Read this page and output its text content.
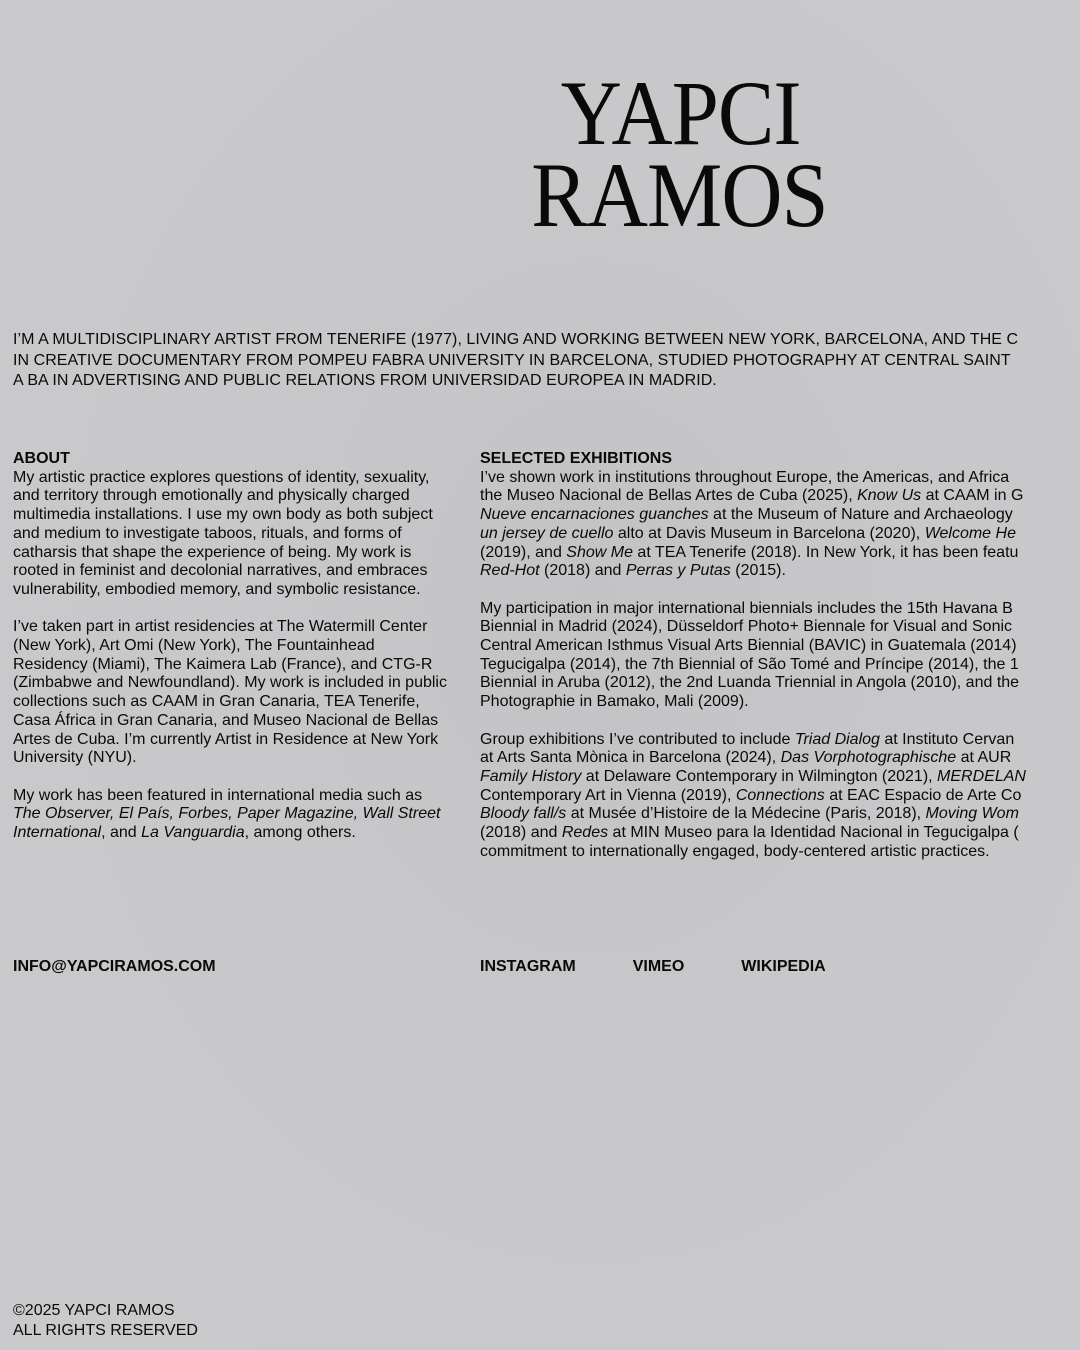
YAPCI
RAMOS
I’M A MULTIDISCIPLINARY ARTIST FROM TENERIFE (1977), LIVING AND WORKING BETWEEN NEW YORK, BARCELONA, AND THE C
IN CREATIVE DOCUMENTARY FROM POMPEU FABRA UNIVERSITY IN BARCELONA, STUDIED PHOTOGRAPHY AT CENTRAL SAINT
A BA IN ADVERTISING AND PUBLIC RELATIONS FROM UNIVERSIDAD EUROPEA IN MADRID.
ABOUT

My artistic practice explores questions of identity, sexuality, and territory through emotionally and physically charged multimedia installations. I use my own body as both subject and medium to investigate taboos, rituals, and forms of catharsis that shape the experience of being. My work is rooted in feminist and decolonial narratives, and embraces vulnerability, embodied memory, and symbolic resistance.

I’ve taken part in artist residencies at The Watermill Center (New York), Art Omi (New York), The Fountainhead Residency (Miami), The Kaimera Lab (France), and CTG-R (Zimbabwe and Newfoundland). My work is included in public collections such as CAAM in Gran Canaria, TEA Tenerife, Casa África in Gran Canaria, and Museo Nacional de Bellas Artes de Cuba. I’m currently Artist in Residence at New York University (NYU).

My work has been featured in international media such as The Observer, El País, Forbes, Paper Magazine, Wall Street International, and La Vanguardia, among others.

SELECTED EXHIBITIONS

I’ve shown work in institutions throughout Europe, the Americas, and Africa
the Museo Nacional de Bellas Artes de Cuba (2025), Know Us at CAAM in G
Nueve encarnaciones guanches at the Museum of Nature and Archaeology
un jersey de cuello alto at Davis Museum in Barcelona (2020), Welcome He
(2019), and Show Me at TEA Tenerife (2018). In New York, it has been featu
Red-Hot (2018) and Perras y Putas (2015).

My participation in major international biennials includes the 15th Havana B
Biennial in Madrid (2024), Düsseldorf Photo+ Biennale for Visual and Sonic
Central American Isthmus Visual Arts Biennial (BAVIC) in Guatemala (2014)
Tegucigalpa (2014), the 7th Biennial of São Tomé and Príncipe (2014), the 1
Biennial in Aruba (2012), the 2nd Luanda Triennial in Angola (2010), and the
Photographie in Bamako, Mali (2009).

Group exhibitions I’ve contributed to include Triad Dialog at Instituto Cervan
at Arts Santa Mònica in Barcelona (2024), Das Vorphotographische at AUR
Family History at Delaware Contemporary in Wilmington (2021), MERDELAN
Contemporary Art in Vienna (2019), Connections at EAC Espacio de Arte Co
Bloody fall/s at Musée d’Histoire de la Médecine (Paris, 2018), Moving Wom
(2018) and Redes at MIN Museo para la Identidad Nacional in Tegucigalpa (
commitment to internationally engaged, body-centered artistic practices.

INFO@YAPCIRAMOS.COM	INSTAGRAM	VIMEO	WIKIPEDIA
©2025 YAPCI RAMOS
ALL RIGHTS RESERVED
